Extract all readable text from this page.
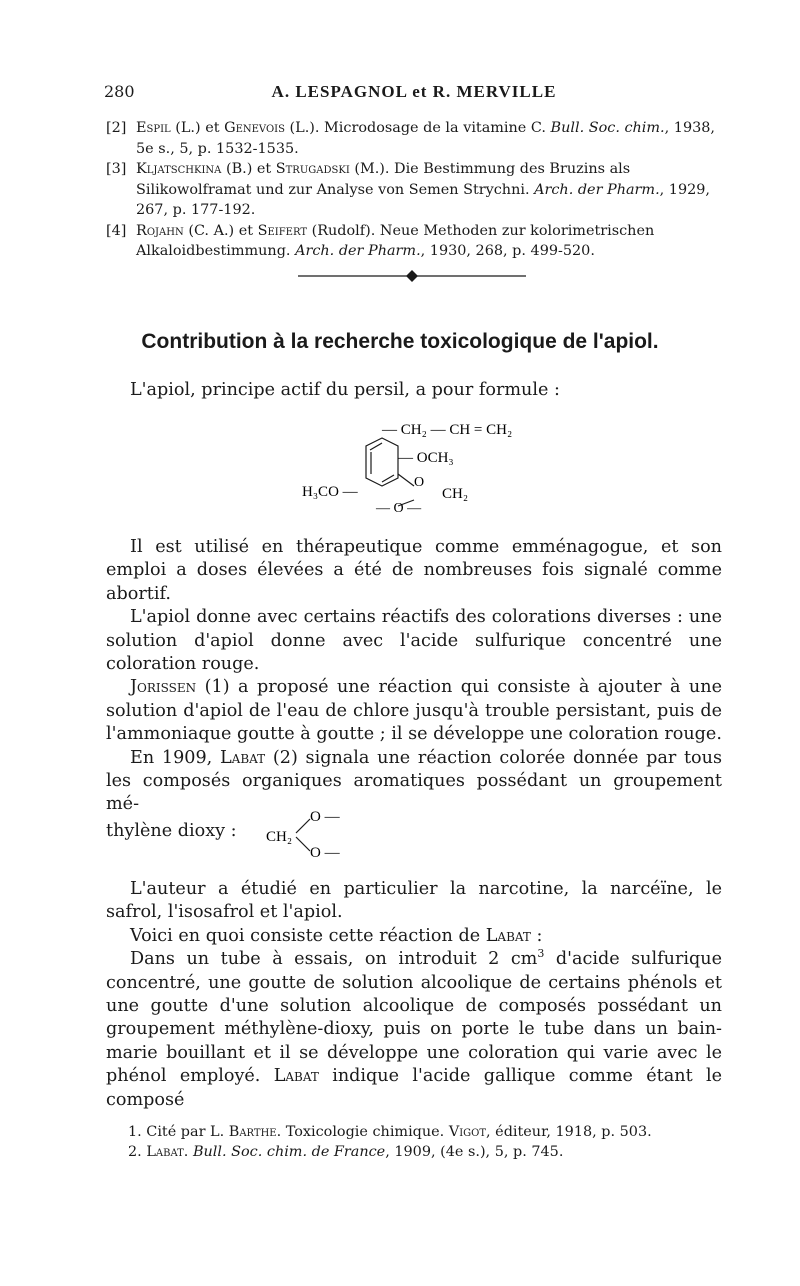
280	A. LESPAGNOL et R. MERVILLE
[2] Espil (L.) et Genevois (L.). Microdosage de la vitamine C. Bull. Soc. chim., 1938, 5e s., 5, p. 1532-1535.
[3] Kljatschkina (B.) et Strugadski (M.). Die Bestimmung des Bruzins als Silikowolframat und zur Analyse von Semen Strychni. Arch. der Pharm., 1929, 267, p. 177-192.
[4] Rojahn (C. A.) et Seifert (Rudolf). Neue Methoden zur kolorimetrischen Alkaloidbestimmung. Arch. der Pharm., 1930, 268, p. 499-520.
Contribution à la recherche toxicologique de l'apiol.
L'apiol, principe actif du persil, a pour formule :
— CH₂ — CH = CH₂
— OCH₃
H₃CO —
O
— O —
CH₂

Il est utilisé en thérapeutique comme emménagogue, et son emploi a doses élevées a été de nombreuses fois signalé comme abortif.

L'apiol donne avec certains réactifs des colorations diverses : une solution d'apiol donne avec l'acide sulfurique concentré une coloration rouge.

Jorissen (1) a proposé une réaction qui consiste à ajouter à une solution d'apiol de l'eau de chlore jusqu'à trouble persistant, puis de l'ammoniaque goutte à goutte ; il se développe une coloration rouge.

En 1909, Labat (2) signala une réaction colorée donnée par tous les composés organiques aromatiques possédant un groupement mé-

thylène dioxy : CH₂
O —
O —

L'auteur a étudié en particulier la narcotine, la narcéïne, le safrol, l'isosafrol et l'apiol.

Voici en quoi consiste cette réaction de Labat :

Dans un tube à essais, on introduit 2 $cm^3$ d'acide sulfurique concentré, une goutte de solution alcoolique de certains phénols et une goutte d'une solution alcoolique de composés possédant un groupement méthylène-dioxy, puis on porte le tube dans un bain-marie bouillant et il se développe une coloration qui varie avec le phénol employé. Labat indique l'acide gallique comme étant le composé

1. Cité par L. Barthe. Toxicologie chimique. Vigot, éditeur, 1918, p. 503.

2. Labat. Bull. Soc. chim. de France, 1909, (4e s.), 5, p. 745.
